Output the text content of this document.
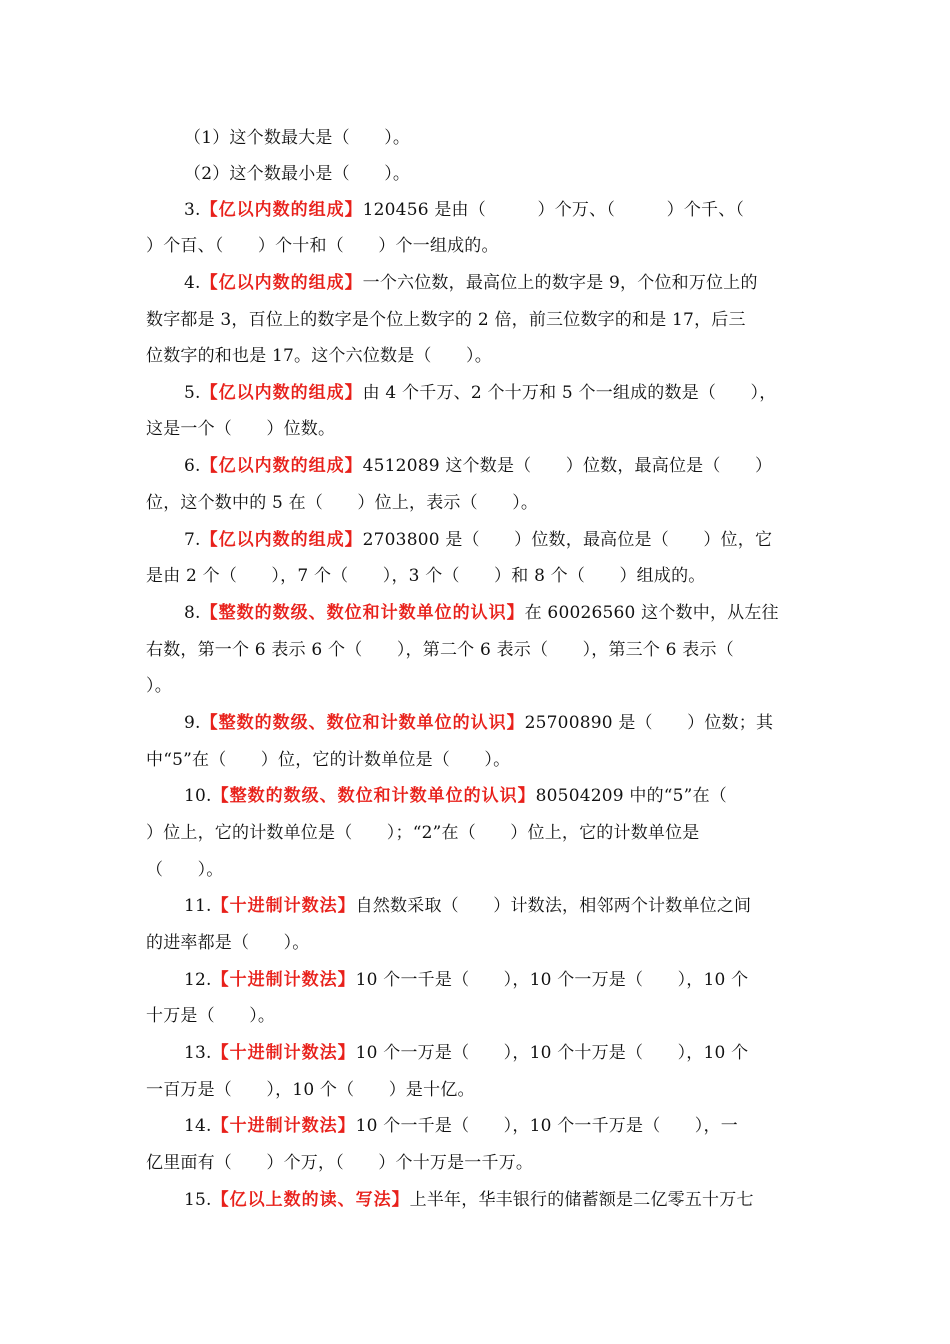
（1）这个数最大是（　　）。
（2）这个数最小是（　　）。
3.【亿以内数的组成】120456 是由（　　　）个万、（　　　）个千、（
）个百、（　　）个十和（　　）个一组成的。
4.【亿以内数的组成】一个六位数，最高位上的数字是 9，个位和万位上的
数字都是 3，百位上的数字是个位上数字的 2 倍，前三位数字的和是 17，后三
位数字的和也是 17。这个六位数是（　　）。
5.【亿以内数的组成】由 4 个千万、2 个十万和 5 个一组成的数是（　　），
这是一个（　　）位数。
6.【亿以内数的组成】4512089 这个数是（　　）位数，最高位是（　　）
位，这个数中的 5 在（　　）位上，表示（　　）。
7.【亿以内数的组成】2703800 是（　　）位数，最高位是（　　）位，它
是由 2 个（　　），7 个（　　），3 个（　　）和 8 个（　　）组成的。
8.【整数的数级、数位和计数单位的认识】在 60026560 这个数中，从左往
右数，第一个 6 表示 6 个（　　），第二个 6 表示（　　），第三个 6 表示（
）。
9.【整数的数级、数位和计数单位的认识】25700890 是（　　）位数；其
中“5”在（　　）位，它的计数单位是（　　）。
10.【整数的数级、数位和计数单位的认识】80504209 中的“5”在（
）位上，它的计数单位是（　　）；“2”在（　　）位上，它的计数单位是
（　　）。
11.【十进制计数法】自然数采取（　　）计数法，相邻两个计数单位之间
的进率都是（　　）。
12.【十进制计数法】10 个一千是（　　），10 个一万是（　　），10 个
十万是（　　）。
13.【十进制计数法】10 个一万是（　　），10 个十万是（　　），10 个
一百万是（　　），10 个（　　）是十亿。
14.【十进制计数法】10 个一千是（　　），10 个一千万是（　　），一
亿里面有（　　）个万，（　　）个十万是一千万。
15.【亿以上数的读、写法】上半年，华丰银行的储蓄额是二亿零五十万七
